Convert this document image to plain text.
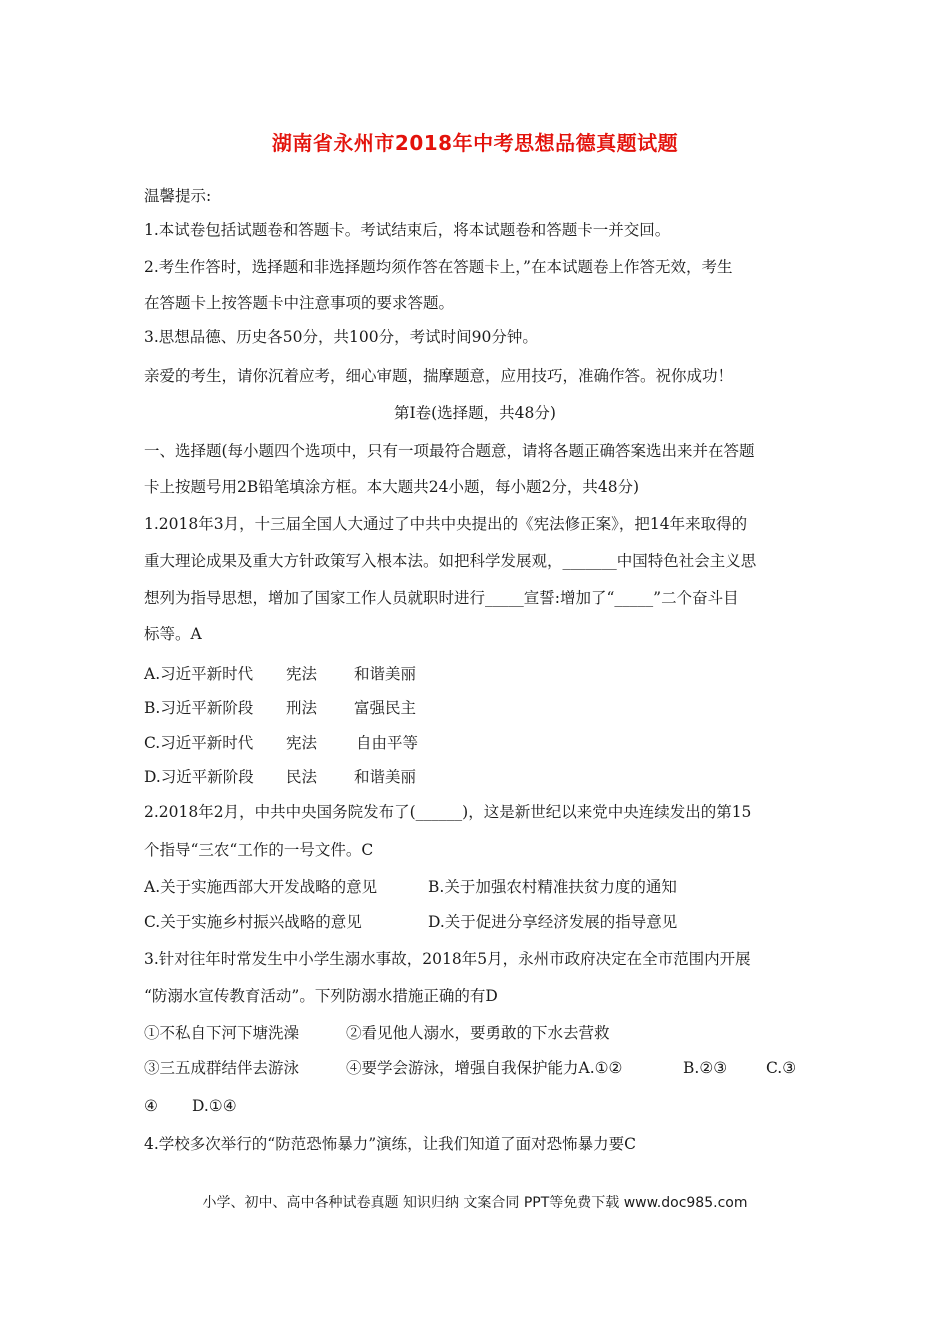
湖南省永州市2018年中考思想品德真题试题
温馨提示:
1.本试卷包括试题卷和答题卡。考试结束后，将本试题卷和答题卡一并交回。
2.考生作答时，选择题和非选择题均须作答在答题卡上，”在本试题卷上作答无效，考生
在答题卡上按答题卡中注意事项的要求答题。
3.思想品德、历史各50分，共100分，考试时间90分钟。
亲爱的考生，请你沉着应考，细心审题，揣摩题意，应用技巧，准确作答。祝你成功！
第Ⅰ卷(选择题，共48分)
一、选择题(每小题四个选项中，只有一项最符合题意，请将各题正确答案选出来并在答题
卡上按题号用2B铅笔填涂方框。本大题共24小题，每小题2分，共48分)
1.2018年3月，十三届全国人大通过了中共中央提出的《宪法修正案》，把14年来取得的
重大理论成果及重大方针政策写入根本法。如把科学发展观，_______中国特色社会主义思
想列为指导思想，增加了国家工作人员就职时进行_____宣誓:增加了“_____”二个奋斗目
标等。A
A.习近平新时代 宪法 和谐美丽
B.习近平新阶段 刑法 富强民主
C.习近平新时代 宪法	自由平等
D.习近平新阶段 民法 和谐美丽
2.2018年2月，中共中央国务院发布了(______)，这是新世纪以来党中央连续发出的第15
个指导“三农“工作的一号文件。C
A.关于实施西部大开发战略的意见	B.关于加强农村精准扶贫力度的通知
C.关于实施乡村振兴战略的意见	D.关于促进分享经济发展的指导意见
3.针对往年时常发生中小学生溺水事故，2018年5月，永州市政府决定在全市范围内开展
“防溺水宣传教育活动”。下列防溺水措施正确的有D
①不私自下河下塘洗澡	②看见他人溺水，要勇敢的下水去营救
③三五成群结伴去游泳	④要学会游泳，增强自我保护能力A.①②	B.②③	C.③
④ D.①④
4.学校多次举行的“防范恐怖暴力”演练，让我们知道了面对恐怖暴力要C
小学、初中、高中各种试卷真题 知识归纳 文案合同 PPT等免费下载 www.doc985.com
